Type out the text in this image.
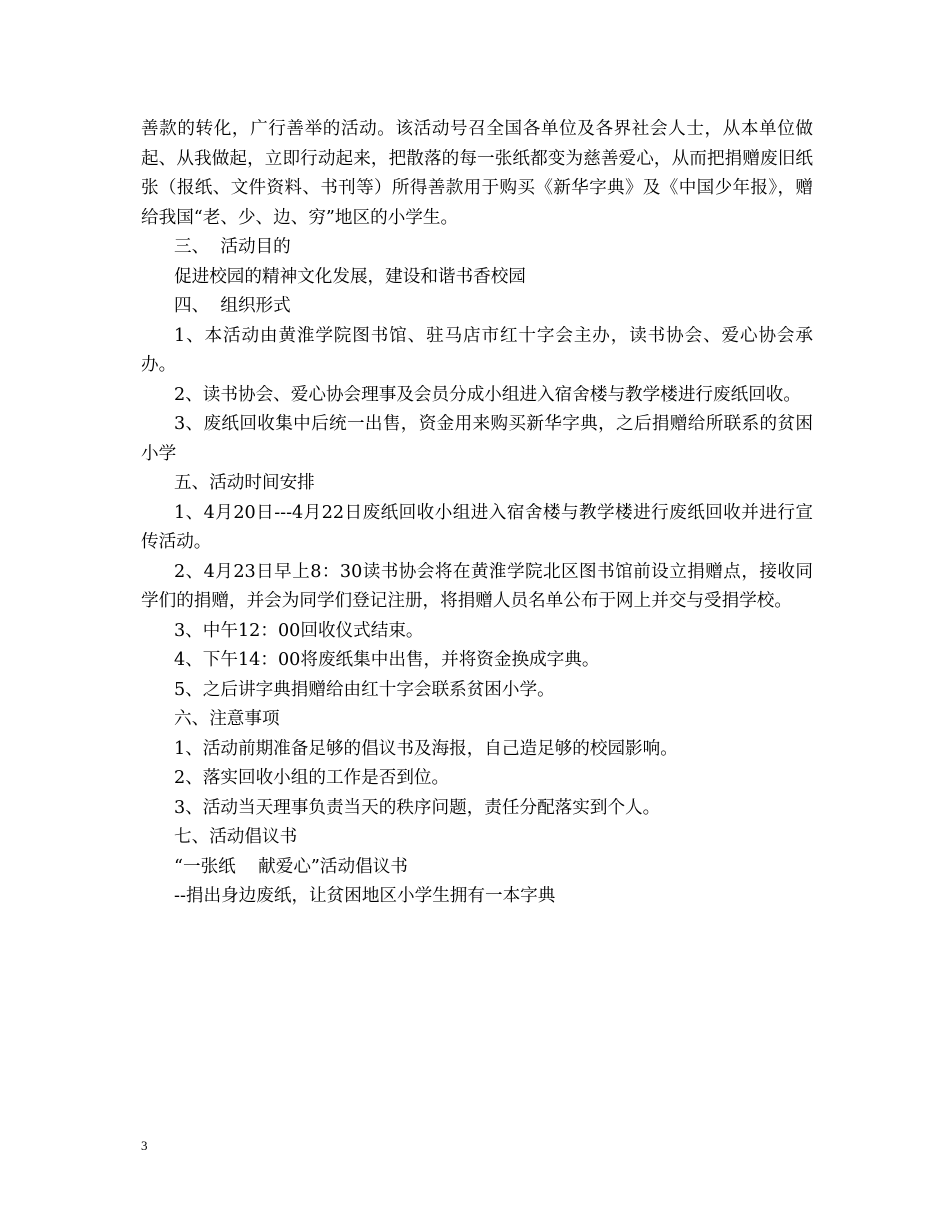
善款的转化，广行善举的活动。该活动号召全国各单位及各界社会人士，从本单位做起、从我做起，立即行动起来，把散落的每一张纸都变为慈善爱心，从而把捐赠废旧纸张（报纸、文件资料、书刊等）所得善款用于购买《新华字典》及《中国少年报》，赠给我国“老、少、边、穷”地区的小学生。

三、  活动目的

促进校园的精神文化发展，建设和谐书香校园

四、  组织形式

1、本活动由黄淮学院图书馆、驻马店市红十字会主办，读书协会、爱心协会承办。

2、读书协会、爱心协会理事及会员分成小组进入宿舍楼与教学楼进行废纸回收。

3、废纸回收集中后统一出售，资金用来购买新华字典，之后捐赠给所联系的贫困小学

五、活动时间安排

1、4月20日---4月22日废纸回收小组进入宿舍楼与教学楼进行废纸回收并进行宣传活动。

2、4月23日早上8：30读书协会将在黄淮学院北区图书馆前设立捐赠点，接收同学们的捐赠，并会为同学们登记注册，将捐赠人员名单公布于网上并交与受捐学校。

3、中午12：00回收仪式结束。

4、下午14：00将废纸集中出售，并将资金换成字典。

5、之后讲字典捐赠给由红十字会联系贫困小学。

六、注意事项

1、活动前期准备足够的倡议书及海报，自己造足够的校园影响。

2、落实回收小组的工作是否到位。

3、活动当天理事负责当天的秩序问题，责任分配落实到个人。

七、活动倡议书

“一张纸    献爱心”活动倡议书

--捐出身边废纸，让贫困地区小学生拥有一本字典

3
